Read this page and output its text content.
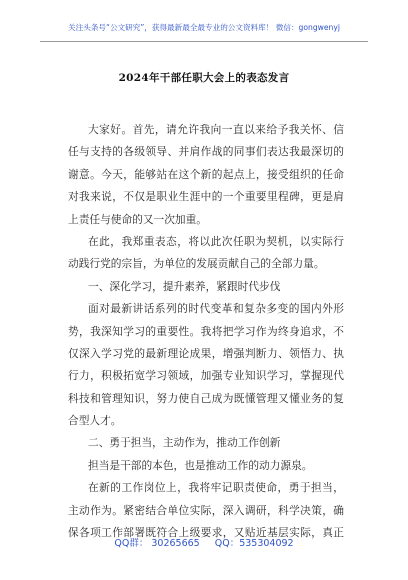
关注头条号“公文研究”，获得最新最全最专业的公文资料库！ 微信：gongwenyj
2024年干部任职大会上的表态发言
大家好。首先，请允许我向一直以来给予我关怀、信
任与支持的各级领导、并肩作战的同事们表达我最深切的
谢意。今天，能够站在这个新的起点上，接受组织的任命
对我来说，不仅是职业生涯中的一个重要里程碑，更是肩
上责任与使命的又一次加重。
在此，我郑重表态，将以此次任职为契机，以实际行
动践行党的宗旨，为单位的发展贡献自己的全部力量。
一、深化学习，提升素养，紧跟时代步伐
面对最新讲话系列的时代变革和复杂多变的国内外形
势，我深知学习的重要性。我将把学习作为终身追求，不
仅深入学习党的最新理论成果，增强判断力、领悟力、执
行力，积极拓宽学习领域，加强专业知识学习，掌握现代
科技和管理知识，努力使自己成为既懂管理又懂业务的复
合型人才。
二、勇于担当，主动作为，推动工作创新
担当是干部的本色，也是推动工作的动力源泉。
在新的工作岗位上，我将牢记职责使命，勇于担当，
主动作为。紧密结合单位实际，深入调研，科学决策，确
保各项工作部署既符合上级要求，又贴近基层实际，真正
QQ群： 30265665 QQ：535304092
